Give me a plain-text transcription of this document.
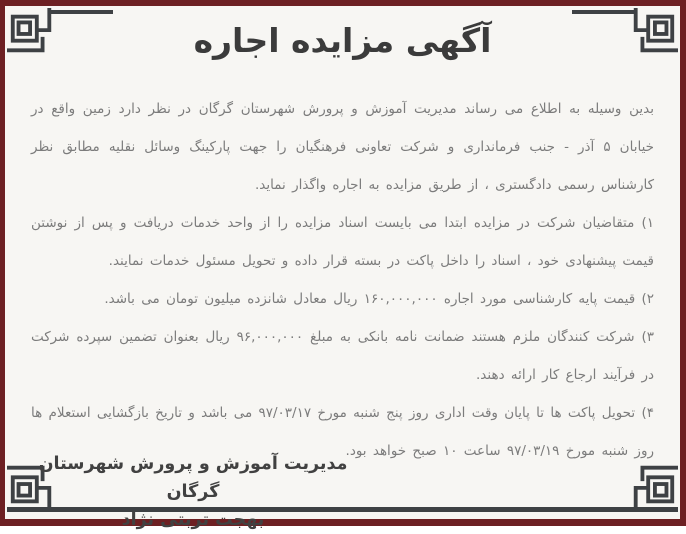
آگهی مزایده اجاره

بدین وسیله به اطلاع می رساند مدیریت آموزش و پرورش شهرستان گرگان در نظر دارد زمین واقع در خیابان ۵ آذر - جنب فرمانداری و شرکت تعاونی فرهنگیان را جهت پارکینگ وسائل نقلیه مطابق نظر کارشناس رسمی دادگستری ، از طریق مزایده به اجاره واگذار نماید.

۱) متقاضیان شرکت در مزایده ابتدا می بایست اسناد مزایده را از واحد خدمات دریافت و پس از نوشتن قیمت پیشنهادی خود ، اسناد را داخل پاکت در بسته قرار داده و تحویل مسئول خدمات نمایند.

۲) قیمت پایه کارشناسی مورد اجاره ۱۶۰,۰۰۰,۰۰۰ ریال معادل شانزده میلیون تومان می باشد.

۳) شرکت کنندگان ملزم هستند ضمانت نامه بانکی به مبلغ ۹۶,۰۰۰,۰۰۰ ریال بعنوان تضمین سپرده شرکت در فرآیند ارجاع کار ارائه دهند.

۴) تحویل پاکت ها تا پایان وقت اداری روز پنج شنبه مورخ ۹۷/۰۳/۱۷ می باشد و تاریخ بازگشایی استعلام ها روز شنبه مورخ ۹۷/۰۳/۱۹ ساعت ۱۰ صبح خواهد بود.

مدیریت آموزش و پرورش شهرستان گرگان
بهجت تربتی نژاد
